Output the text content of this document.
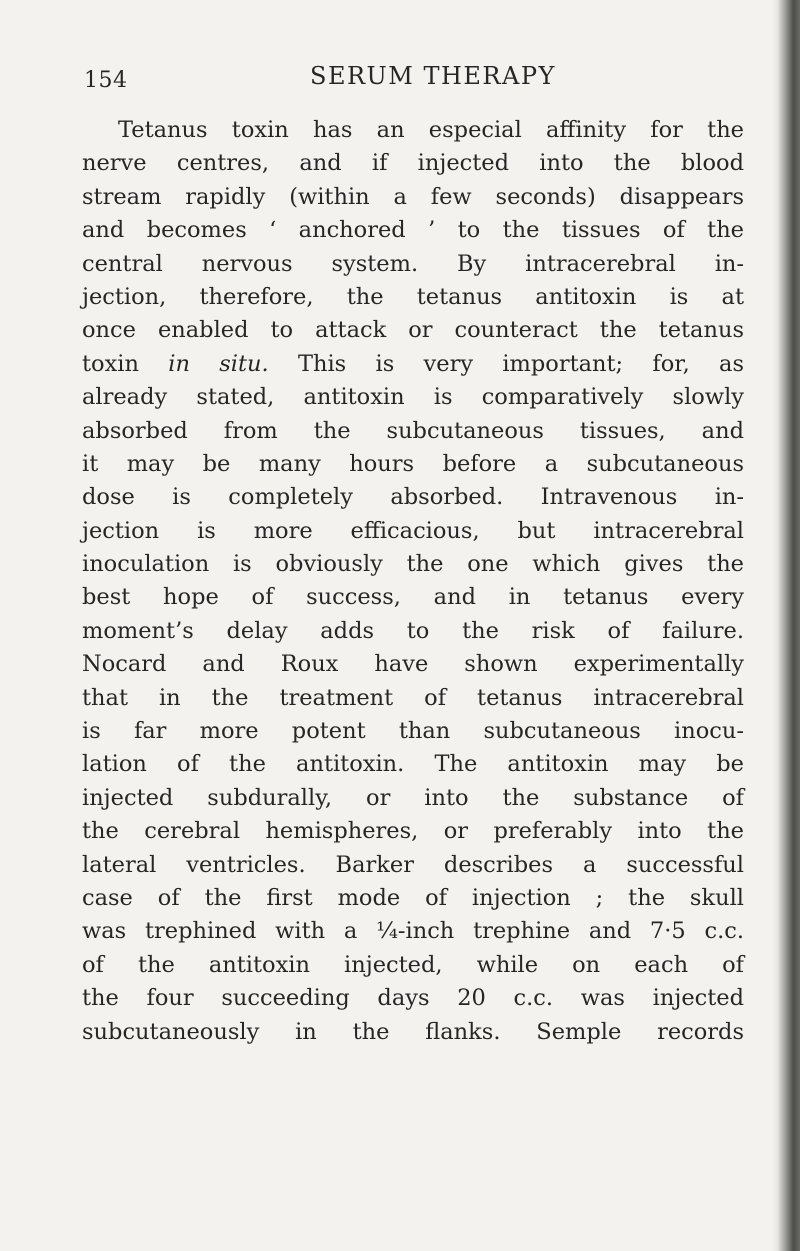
154	SERUM THERAPY
Tetanus toxin has an especial affinity for the
nerve centres, and if injected into the blood
stream rapidly (within a few seconds) disappears
and becomes ‘ anchored ’ to the tissues of the
central nervous system. By intracerebral in-
jection, therefore, the tetanus antitoxin is at
once enabled to attack or counteract the tetanus
toxin in situ. This is very important; for, as
already stated, antitoxin is comparatively slowly
absorbed from the subcutaneous tissues, and
it may be many hours before a subcutaneous
dose is completely absorbed. Intravenous in-
jection is more efficacious, but intracerebral
inoculation is obviously the one which gives the
best hope of success, and in tetanus every
moment’s delay adds to the risk of failure.
Nocard and Roux have shown experimentally
that in the treatment of tetanus intracerebral
is far more potent than subcutaneous inocu-
lation of the antitoxin. The antitoxin may be
injected subdurally, or into the substance of
the cerebral hemispheres, or preferably into the
lateral ventricles. Barker describes a successful
case of the first mode of injection ; the skull
was trephined with a ¼-inch trephine and 7·5 c.c.
of the antitoxin injected, while on each of
the four succeeding days 20 c.c. was injected
subcutaneously in the flanks. Semple records
